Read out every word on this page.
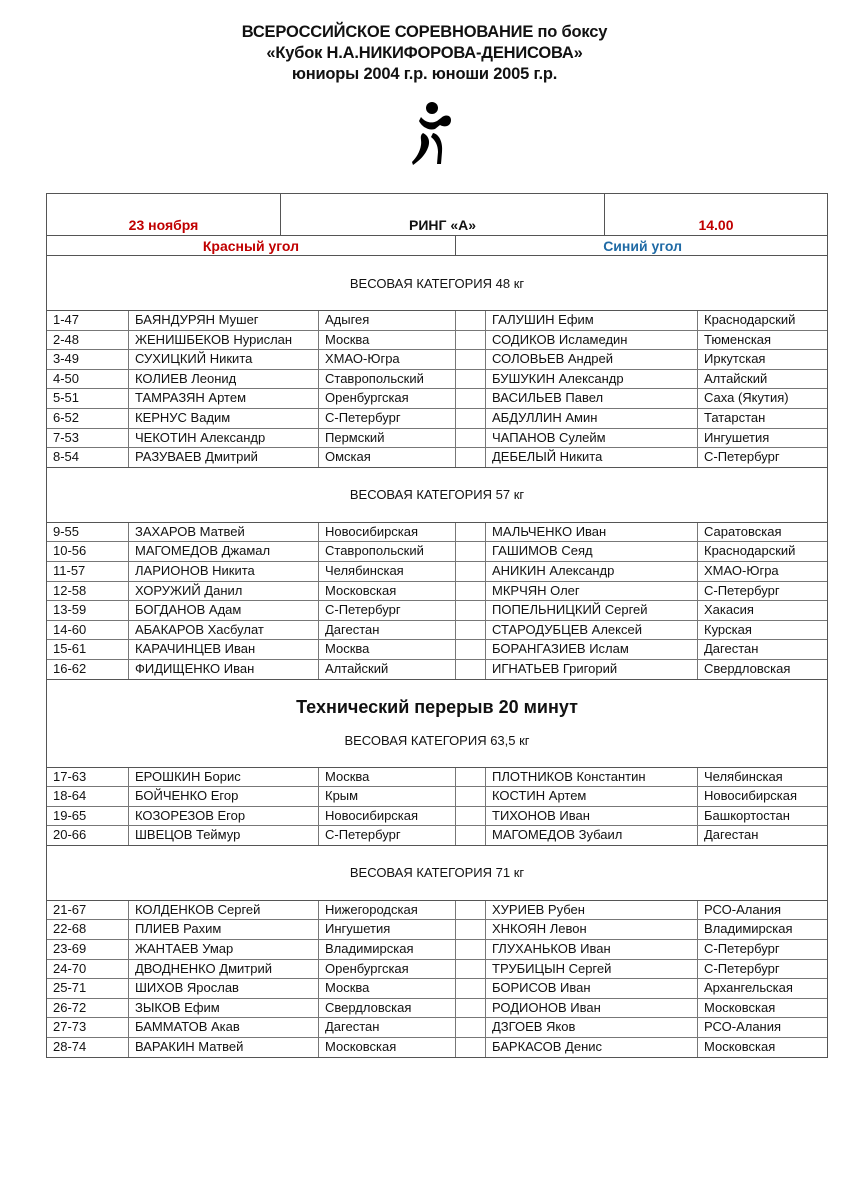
ВСЕРОССИЙСКОЕ СОРЕВНОВАНИЕ по боксу
«Кубок Н.А.НИКИФОРОВА-ДЕНИСОВА»
юниоры 2004 г.р. юноши 2005 г.р.
23 ноября	РИНГ «А»	14.00
Красный угол	Синий угол
ВЕСОВАЯ КАТЕГОРИЯ 48 кг
1-47	БАЯНДУРЯН Мушег	Адыгея	ГАЛУШИН Ефим	Краснодарский
2-48	ЖЕНИШБЕКОВ Нурислан	Москва	СОДИКОВ Исламедин	Тюменская
3-49	СУХИЦКИЙ Никита	ХМАО-Югра	СОЛОВЬЕВ Андрей	Иркутская
4-50	КОЛИЕВ Леонид	Ставропольский	БУШУКИН Александр	Алтайский
5-51	ТАМРАЗЯН Артем	Оренбургская	ВАСИЛЬЕВ Павел	Саха (Якутия)
6-52	КЕРНУС Вадим	С-Петербург	АБДУЛЛИН Амин	Татарстан
7-53	ЧЕКОТИН Александр	Пермский	ЧАПАНОВ Сулейм	Ингушетия
8-54	РАЗУВАЕВ Дмитрий	Омская	ДЕБЕЛЫЙ Никита	С-Петербург
ВЕСОВАЯ КАТЕГОРИЯ 57 кг
9-55	ЗАХАРОВ Матвей	Новосибирская	МАЛЬЧЕНКО Иван	Саратовская
10-56	МАГОМЕДОВ Джамал	Ставропольский	ГАШИМОВ Сеяд	Краснодарский
11-57	ЛАРИОНОВ Никита	Челябинская	АНИКИН Александр	ХМАО-Югра
12-58	ХОРУЖИЙ Данил	Московская	МКРЧЯН Олег	С-Петербург
13-59	БОГДАНОВ Адам	С-Петербург	ПОПЕЛЬНИЦКИЙ Сергей	Хакасия
14-60	АБАКАРОВ Хасбулат	Дагестан	СТАРОДУБЦЕВ Алексей	Курская
15-61	КАРАЧИНЦЕВ Иван	Москва	БОРАНГАЗИЕВ Ислам	Дагестан
16-62	ФИДИЩЕНКО Иван	Алтайский	ИГНАТЬЕВ Григорий	Свердловская
Технический перерыв 20 минут
ВЕСОВАЯ КАТЕГОРИЯ 63,5 кг
17-63	ЕРОШКИН Борис	Москва	ПЛОТНИКОВ Константин	Челябинская
18-64	БОЙЧЕНКО Егор	Крым	КОСТИН Артем	Новосибирская
19-65	КОЗОРЕЗОВ Егор	Новосибирская	ТИХОНОВ Иван	Башкортостан
20-66	ШВЕЦОВ Теймур	С-Петербург	МАГОМЕДОВ Зубаил	Дагестан
ВЕСОВАЯ КАТЕГОРИЯ 71 кг
21-67	КОЛДЕНКОВ Сергей	Нижегородская	ХУРИЕВ Рубен	РСО-Алания
22-68	ПЛИЕВ Рахим	Ингушетия	ХНКОЯН Левон	Владимирская
23-69	ЖАНТАЕВ Умар	Владимирская	ГЛУХАНЬКОВ Иван	С-Петербург
24-70	ДВОДНЕНКО Дмитрий	Оренбургская	ТРУБИЦЫН Сергей	С-Петербург
25-71	ШИХОВ Ярослав	Москва	БОРИСОВ Иван	Архангельская
26-72	ЗЫКОВ Ефим	Свердловская	РОДИОНОВ Иван	Московская
27-73	БАММАТОВ Акав	Дагестан	ДЗГОЕВ Яков	РСО-Алания
28-74	ВАРАКИН Матвей	Московская	БАРКАСОВ Денис	Московская
